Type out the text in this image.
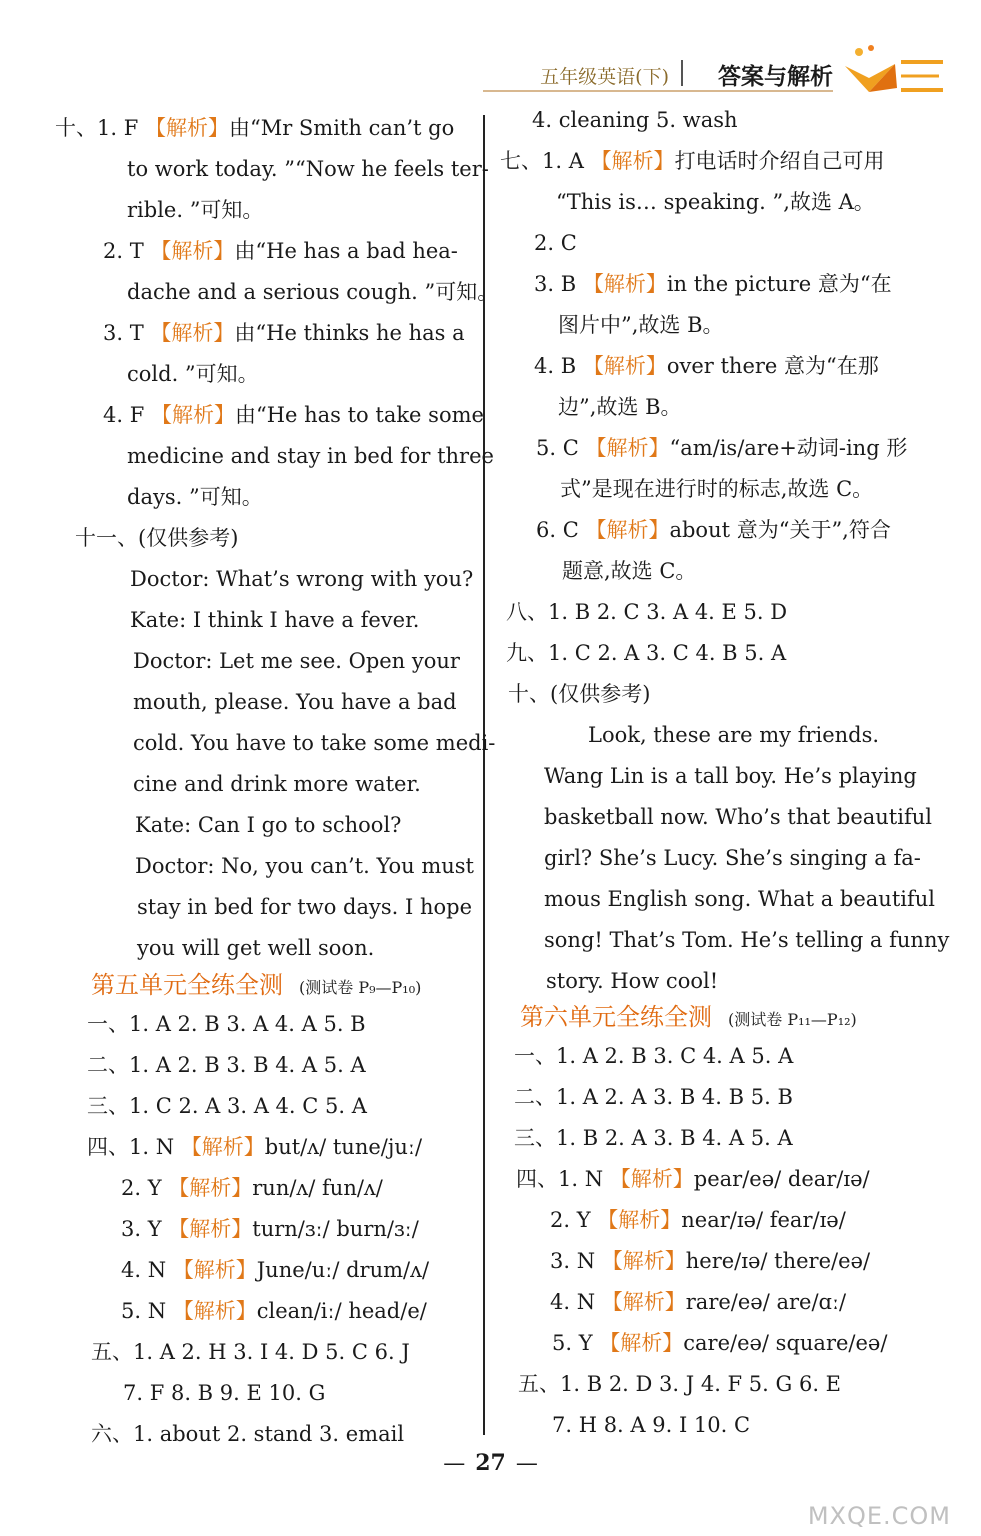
五年级英语(下) 答案与解析
十、1. F 【解析】由“Mr Smith can’t go
to work today. ”“Now he feels ter-
rible. ”可知。
2. T 【解析】由“He has a bad hea-
dache and a serious cough. ”可知。
3. T 【解析】由“He thinks he has a
cold. ”可知。
4. F 【解析】由“He has to take some
medicine and stay in bed for three
days. ”可知。
十一、(仅供参考)
Doctor: What’s wrong with you?
Kate: I think I have a fever.
Doctor: Let me see. Open your
mouth, please. You have a bad
cold. You have to take some medi-
cine and drink more water.
Kate: Can I go to school?
Doctor: No, you can’t. You must
stay in bed for two days. I hope
you will get well soon.
第五单元全练全测 (测试卷 P₉—P₁₀)
一、1. A 2. B 3. A 4. A 5. B
二、1. A 2. B 3. B 4. A 5. A
三、1. C 2. A 3. A 4. C 5. A
四、1. N 【解析】but/ʌ/ tune/juː/
2. Y 【解析】run/ʌ/ fun/ʌ/
3. Y 【解析】turn/ɜː/ burn/ɜː/
4. N 【解析】June/uː/ drum/ʌ/
5. N 【解析】clean/iː/ head/e/
五、1. A 2. H 3. I 4. D 5. C 6. J
7. F 8. B 9. E 10. G
六、1. about 2. stand 3. email
4. cleaning 5. wash
七、1. A 【解析】打电话时介绍自己可用
“This is… speaking. ”,故选 A。
2. C
3. B 【解析】in the picture 意为“在
图片中”,故选 B。
4. B 【解析】over there 意为“在那
边”,故选 B。
5. C 【解析】“am/is/are+动词-ing 形
式”是现在进行时的标志,故选 C。
6. C 【解析】about 意为“关于”,符合
题意,故选 C。
八、1. B 2. C 3. A 4. E 5. D
九、1. C 2. A 3. C 4. B 5. A
十、(仅供参考)
Look, these are my friends.
Wang Lin is a tall boy. He’s playing
basketball now. Who’s that beautiful
girl? She’s Lucy. She’s singing a fa-
mous English song. What a beautiful
song! That’s Tom. He’s telling a funny
story. How cool!
第六单元全练全测 (测试卷 P₁₁—P₁₂)
一、1. A 2. B 3. C 4. A 5. A
二、1. A 2. A 3. B 4. B 5. B
三、1. B 2. A 3. B 4. A 5. A
四、1. N 【解析】pear/eə/ dear/ɪə/
2. Y 【解析】near/ɪə/ fear/ɪə/
3. N 【解析】here/ɪə/ there/eə/
4. N 【解析】rare/eə/ are/ɑː/
5. Y 【解析】care/eə/ square/eə/
五、1. B 2. D 3. J 4. F 5. G 6. E
7. H 8. A 9. I 10. C
— 27 —
MXQE.COM
